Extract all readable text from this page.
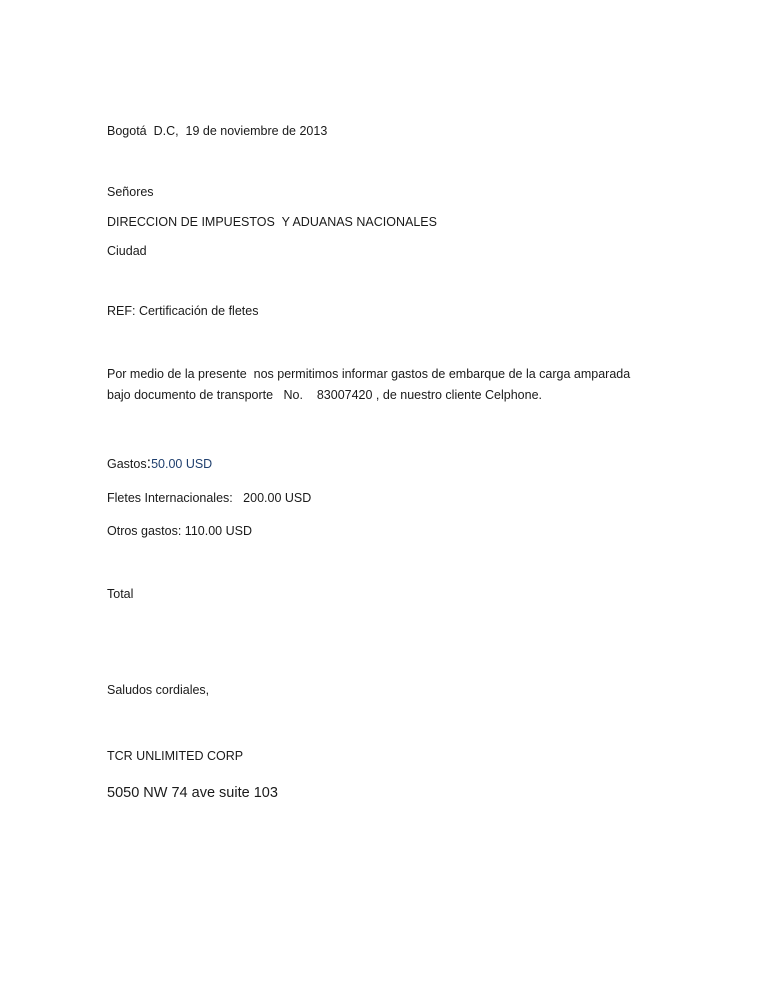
Bogotá  D.C,  19 de noviembre de 2013

Señores

DIRECCION DE IMPUESTOS  Y ADUANAS NACIONALES

Ciudad

REF: Certificación de fletes

Por medio de la presente  nos permitimos informar gastos de embarque de la carga amparada

bajo documento de transporte   No.    83007420 , de nuestro cliente Celphone.

Gastos:50.00 USD

Fletes Internacionales:   200.00 USD

Otros gastos: 110.00 USD

Total

Saludos cordiales,

TCR UNLIMITED CORP

5050 NW 74 ave suite 103
